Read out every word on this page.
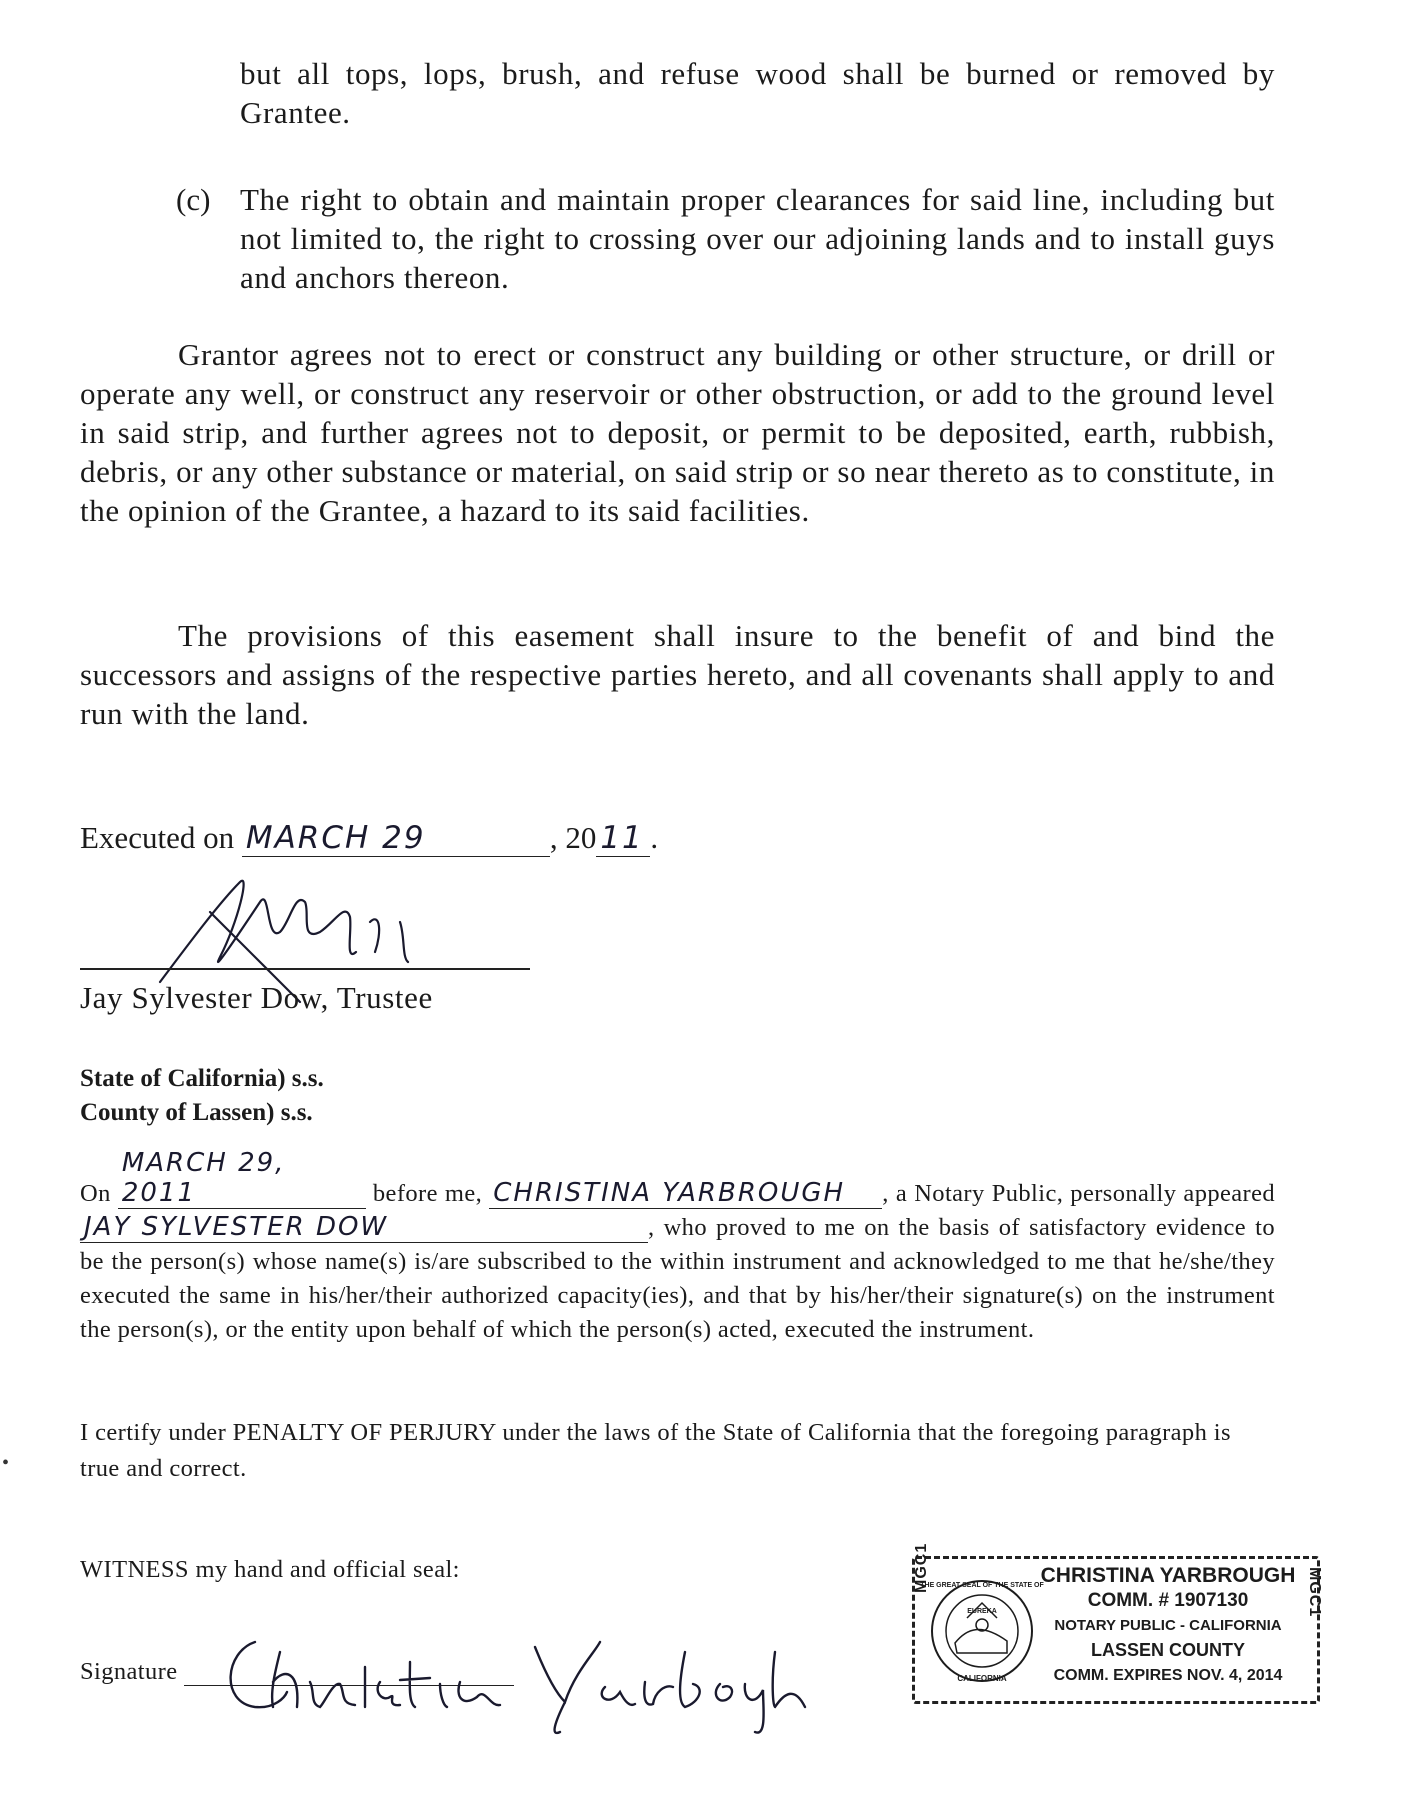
but all tops, lops, brush, and refuse wood shall be burned or removed by Grantee.
(c) The right to obtain and maintain proper clearances for said line, including but not limited to, the right to crossing over our adjoining lands and to install guys and anchors thereon.
Grantor agrees not to erect or construct any building or other structure, or drill or operate any well, or construct any reservoir or other obstruction, or add to the ground level in said strip, and further agrees not to deposit, or permit to be deposited, earth, rubbish, debris, or any other substance or material, on said strip or so near thereto as to constitute, in the opinion of the Grantee, a hazard to its said facilities.
The provisions of this easement shall insure to the benefit of and bind the successors and assigns of the respective parties hereto, and all covenants shall apply to and run with the land.
Executed on MARCH 29	, 20 11 .
Jay Sylvester Dow, Trustee
State of California) s.s.
County of Lassen) s.s.
On MARCH 29, 2011	before me, CHRISTINA YARBROUGH , a Notary Public, personally appeared JAY SYLVESTER DOW	, who proved to me on the basis of satisfactory evidence to be the person(s) whose name(s) is/are subscribed to the within instrument and acknowledged to me that he/she/they executed the same in his/her/their authorized capacity(ies), and that by his/her/their signature(s) on the instrument the person(s), or the entity upon behalf of which the person(s) acted, executed the instrument.
I certify under PENALTY OF PERJURY under the laws of the State of California that the foregoing paragraph is true and correct.
WITNESS my hand and official seal:
Signature
MGC1	MGC1
EUREKA
THE GREAT SEAL OF THE STATE OF
CALIFORNIA
CHRISTINA YARBROUGH
COMM. # 1907130
NOTARY PUBLIC - CALIFORNIA
LASSEN COUNTY
COMM. EXPIRES NOV. 4, 2014
•
